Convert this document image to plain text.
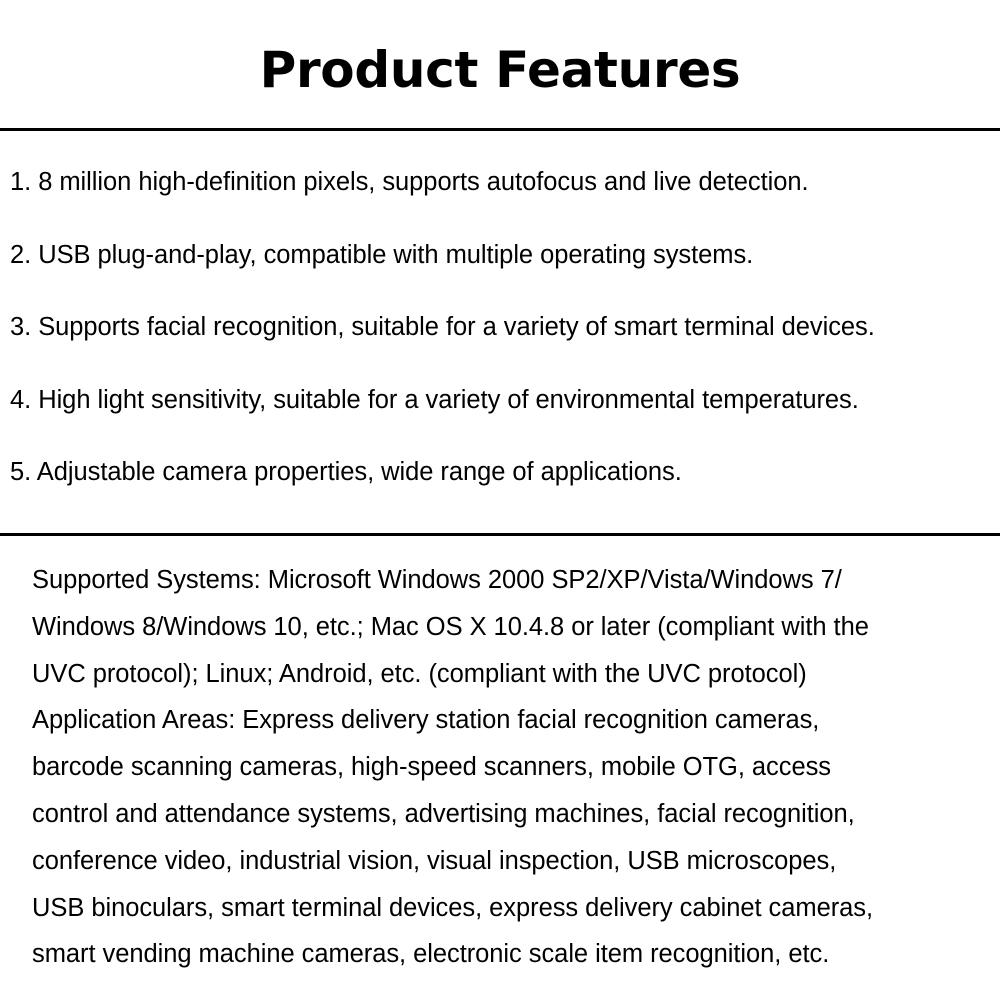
Product Features
1. 8 million high-definition pixels, supports autofocus and live detection.
2. USB plug-and-play, compatible with multiple operating systems.
3. Supports facial recognition, suitable for a variety of smart terminal devices.
4. High light sensitivity, suitable for a variety of environmental temperatures.
5. Adjustable camera properties, wide range of applications.
Supported Systems: Microsoft Windows 2000 SP2/XP/Vista/Windows 7/
Windows 8/Windows 10, etc.; Mac OS X 10.4.8 or later (compliant with the
UVC protocol); Linux; Android, etc. (compliant with the UVC protocol)
Application Areas: Express delivery station facial recognition cameras,
barcode scanning cameras, high-speed scanners, mobile OTG, access
control and attendance systems, advertising machines, facial recognition,
conference video, industrial vision, visual inspection, USB microscopes,
USB binoculars, smart terminal devices, express delivery cabinet cameras,
smart vending machine cameras, electronic scale item recognition, etc.
